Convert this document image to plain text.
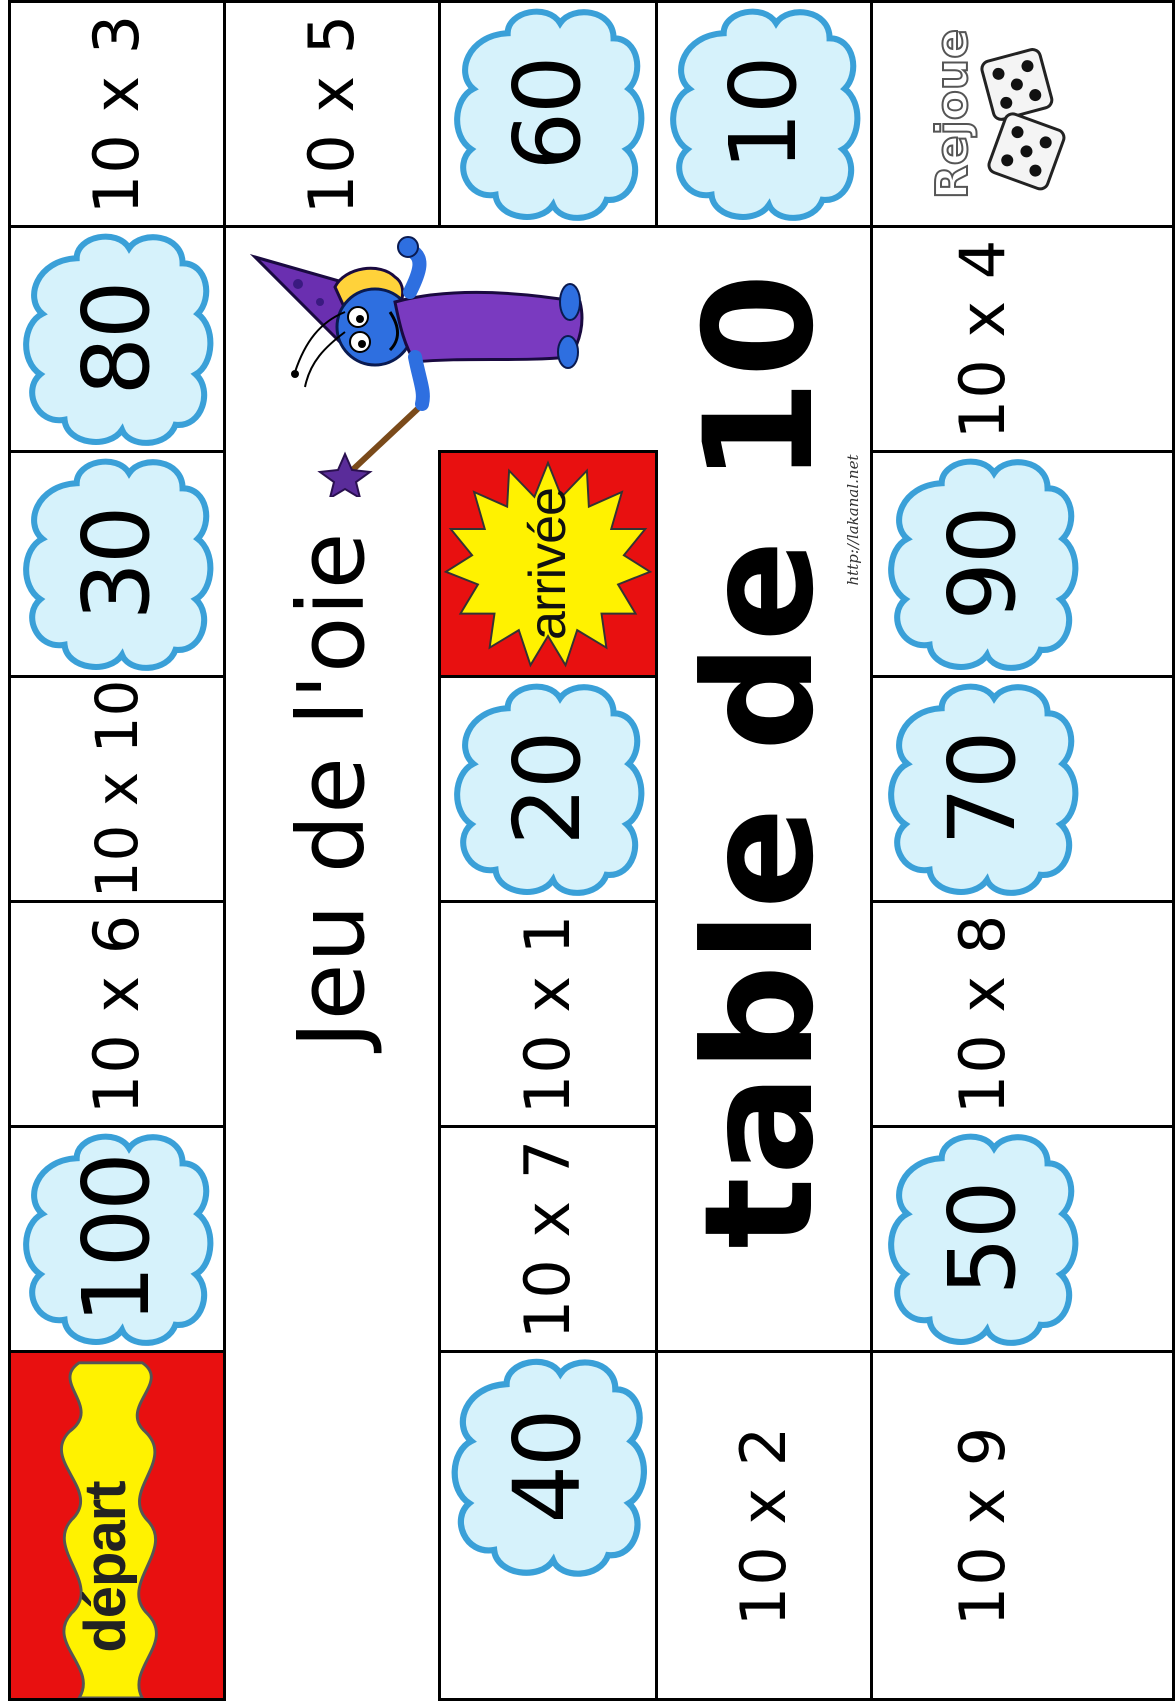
10 x 3
80
30
10 x 10
10 x 6
100
départ
10 x 5 60
arrivée
20
10 x 1
10 x 7
40
10
10 x 2
Rejoue
10 x 4
90
70
10 x 8
50
10 x 9
Jeu de l'oie table de 10
http://lakanal.net
